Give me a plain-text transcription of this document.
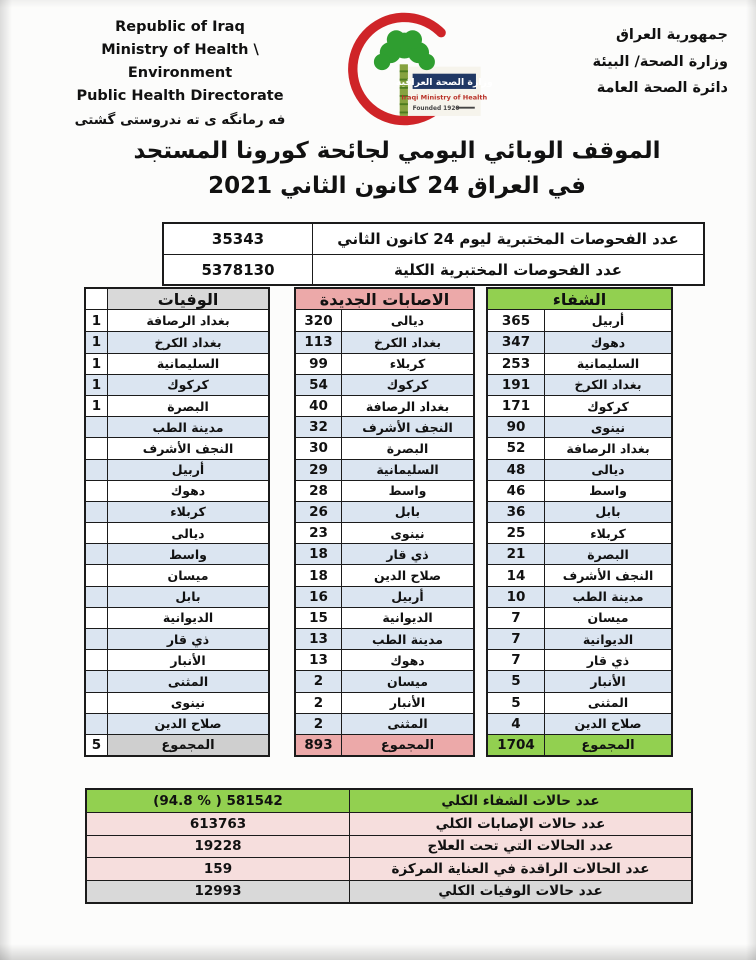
Republic of Iraq
Ministry of Health \ Environment
Public Health Directorate
فه رمانگه ى ته ندروستى گشتى
وزارة الصحة العراقية
Iraqi Ministry of Health
Founded 1920
جمهورية العراق
وزارة الصحة/ البيئة
دائرة الصحة العامة
الموقف الوبائي اليومي لجائحة كورونا المستجد
في العراق 24 كانون الثاني 2021
35343	عدد الفحوصات المختبرية ليوم 24 كانون الثاني
5378130	عدد الفحوصات المختبرية الكلية
الوفيات
1	بغداد الرصافة
1	بغداد الكرخ
1	السليمانية
1	كركوك
1	البصرة
مدينة الطب
النجف الأشرف
أربيل
دهوك
كربلاء
ديالى
واسط
ميسان
بابل
الديوانية
ذي قار
الأنبار
المثنى
نينوى
صلاح الدين
5	المجموع
الاصابات الجديدة
320	ديالى
113	بغداد الكرخ
99	كربلاء
54	كركوك
40	بغداد الرصافة
32	النجف الأشرف
30	البصرة
29	السليمانية
28	واسط
26	بابل
23	نينوى
18	ذي قار
18	صلاح الدين
16	أربيل
15	الديوانية
13	مدينة الطب
13	دهوك
2	ميسان
2	الأنبار
2	المثنى
893	المجموع
الشفاء
365	أربيل
347	دهوك
253	السليمانية
191	بغداد الكرخ
171	كركوك
90	نينوى
52	بغداد الرصافة
48	ديالى
46	واسط
36	بابل
25	كربلاء
21	البصرة
14	النجف الأشرف
10	مدينة الطب
7	ميسان
7	الديوانية
7	ذي قار
5	الأنبار
5	المثنى
4	صلاح الدين
1704	المجموع
(94.8 % ) 581542	عدد حالات الشفاء الكلي
613763	عدد حالات الإصابات الكلي
19228	عدد الحالات التي تحت العلاج
159	عدد الحالات الراقدة في العناية المركزة
12993	عدد حالات الوفيات الكلي
